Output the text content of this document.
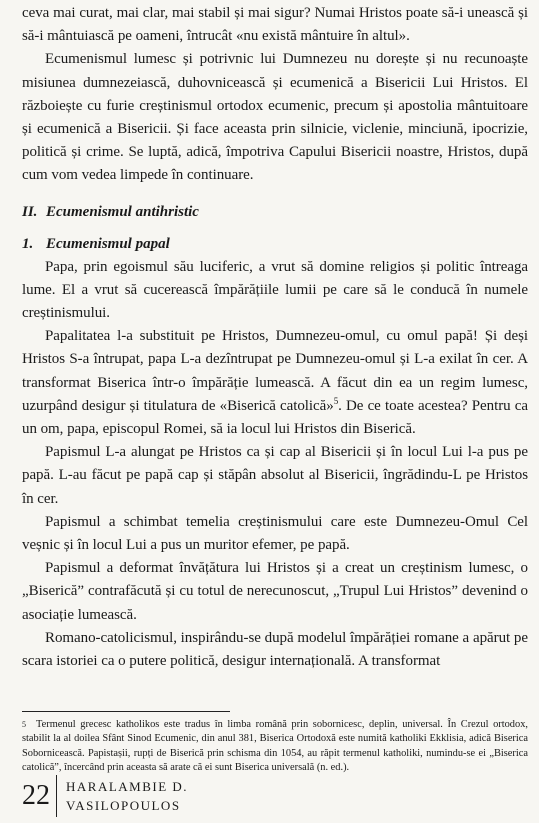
ceva mai curat, mai clar, mai stabil și mai sigur? Numai Hristos poate să-i unească și să-i mântuiască pe oameni, întrucât «nu există mântuire în altul».

Ecumenismul lumesc și potrivnic lui Dumnezeu nu dorește și nu recunoaște misiunea dumnezeiască, duhovnicească și ecumenică a Bisericii Lui Hristos. El războiește cu furie creștinismul ortodox ecumenic, precum și apostolia mântuitoare și ecumenică a Bisericii. Și face aceasta prin silnicie, viclenie, minciună, ipocrizie, politică și crime. Se luptă, adică, împotriva Capului Bisericii noastre, Hristos, după cum vom vedea limpede în continuare.

II. Ecumenismul antihristic
1. Ecumenismul papal

Papa, prin egoismul său luciferic, a vrut să domine religios și politic întreaga lume. El a vrut să cucerească împărățiile lumii pe care să le conducă în numele creștinismului.

Papalitatea l-a substituit pe Hristos, Dumnezeu-omul, cu omul papă! Și deși Hristos S-a întrupat, papa L-a dezîntrupat pe Dumnezeu-omul și L-a exilat în cer. A transformat Biserica într-o împărăție lumească. A făcut din ea un regim lumesc, uzurpând desigur și titulatura de «Biserică catolică»$^5$. De ce toate acestea? Pentru ca un om, papa, episcopul Romei, să ia locul lui Hristos din Biserică.

Papismul L-a alungat pe Hristos ca și cap al Bisericii și în locul Lui l-a pus pe papă. L-au făcut pe papă cap și stăpân absolut al Bisericii, îngrădindu-L pe Hristos în cer.

Papismul a schimbat temelia creștinismului care este Dumnezeu-Omul Cel veșnic și în locul Lui a pus un muritor efemer, pe papă.

Papismul a deformat învățătura lui Hristos și a creat un creștinism lumesc, o „Biserică” contrafăcută și cu totul de nerecunoscut, „Trupul Lui Hristos” devenind o asociație lumească.

Romano-catolicismul, inspirându-se după modelul împărăției romane a apărut pe scara istoriei ca o putere politică, desigur internațională. A transformat

5 Termenul grecesc katholikos este tradus în limba română prin sobornicesc, deplin, universal. În Crezul ortodox, stabilit la al doilea Sfânt Sinod Ecumenic, din anul 381, Biserica Ortodoxă este numită katholiki Ekklisia, adică Biserica Sobornicească. Papistașii, rupți de Biserică prin schisma din 1054, au răpit termenul katholiki, numindu-se ei „Biserica catolică”, încercând prin aceasta să arate că ei sunt Biserica universală (n. ed.).
22 HARALAMBIE D.
VASILOPOULOS
